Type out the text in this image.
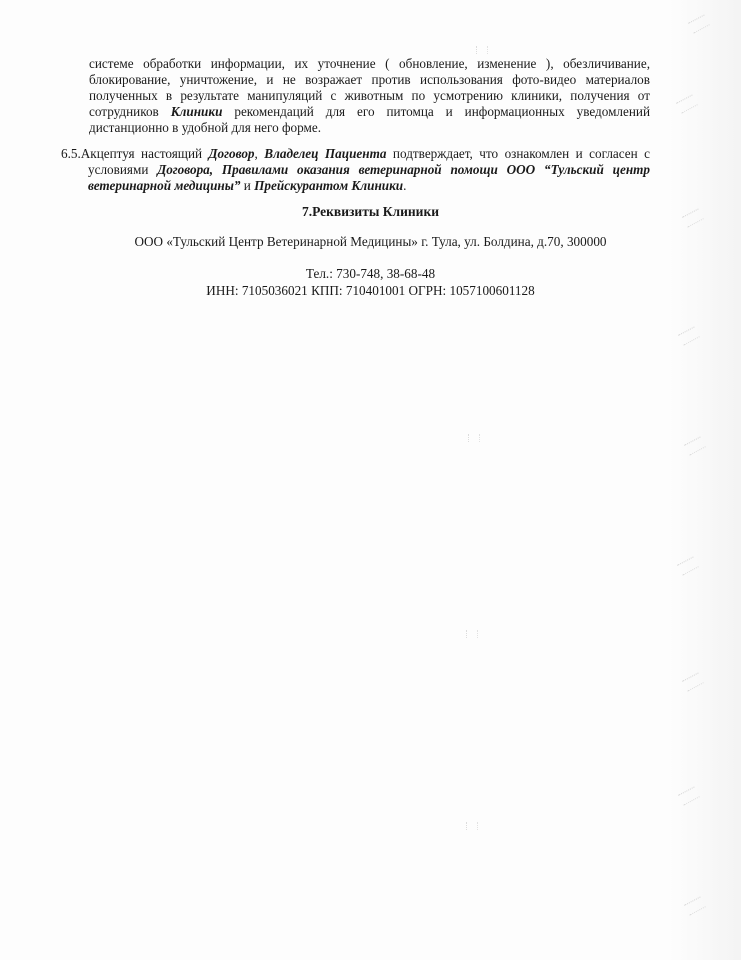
системе обработки информации, их уточнение ( обновление, изменение ), обезличивание, блокирование, уничтожение, и не возражает против использования фото-видео материалов полученных в результате манипуляций с животным по усмотрению клиники, получения от сотрудников Клиники рекомендаций для его питомца и информационных уведомлений дистанционно в удобной для него форме.

6.5.Акцептуя настоящий Договор, Владелец Пациента подтверждает, что ознакомлен и согласен с условиями Договора, Правилами оказания ветеринарной помощи ООО “Тульский центр ветеринарной медицины” и Прейскурантом Клиники.

7.Реквизиты Клиники

ООО «Тульский Центр Ветеринарной Медицины» г. Тула, ул. Болдина, д.70, 300000

Тел.: 730-748, 38-68-48

ИНН: 7105036021 КПП: 710401001 ОГРН: 1057100601128
